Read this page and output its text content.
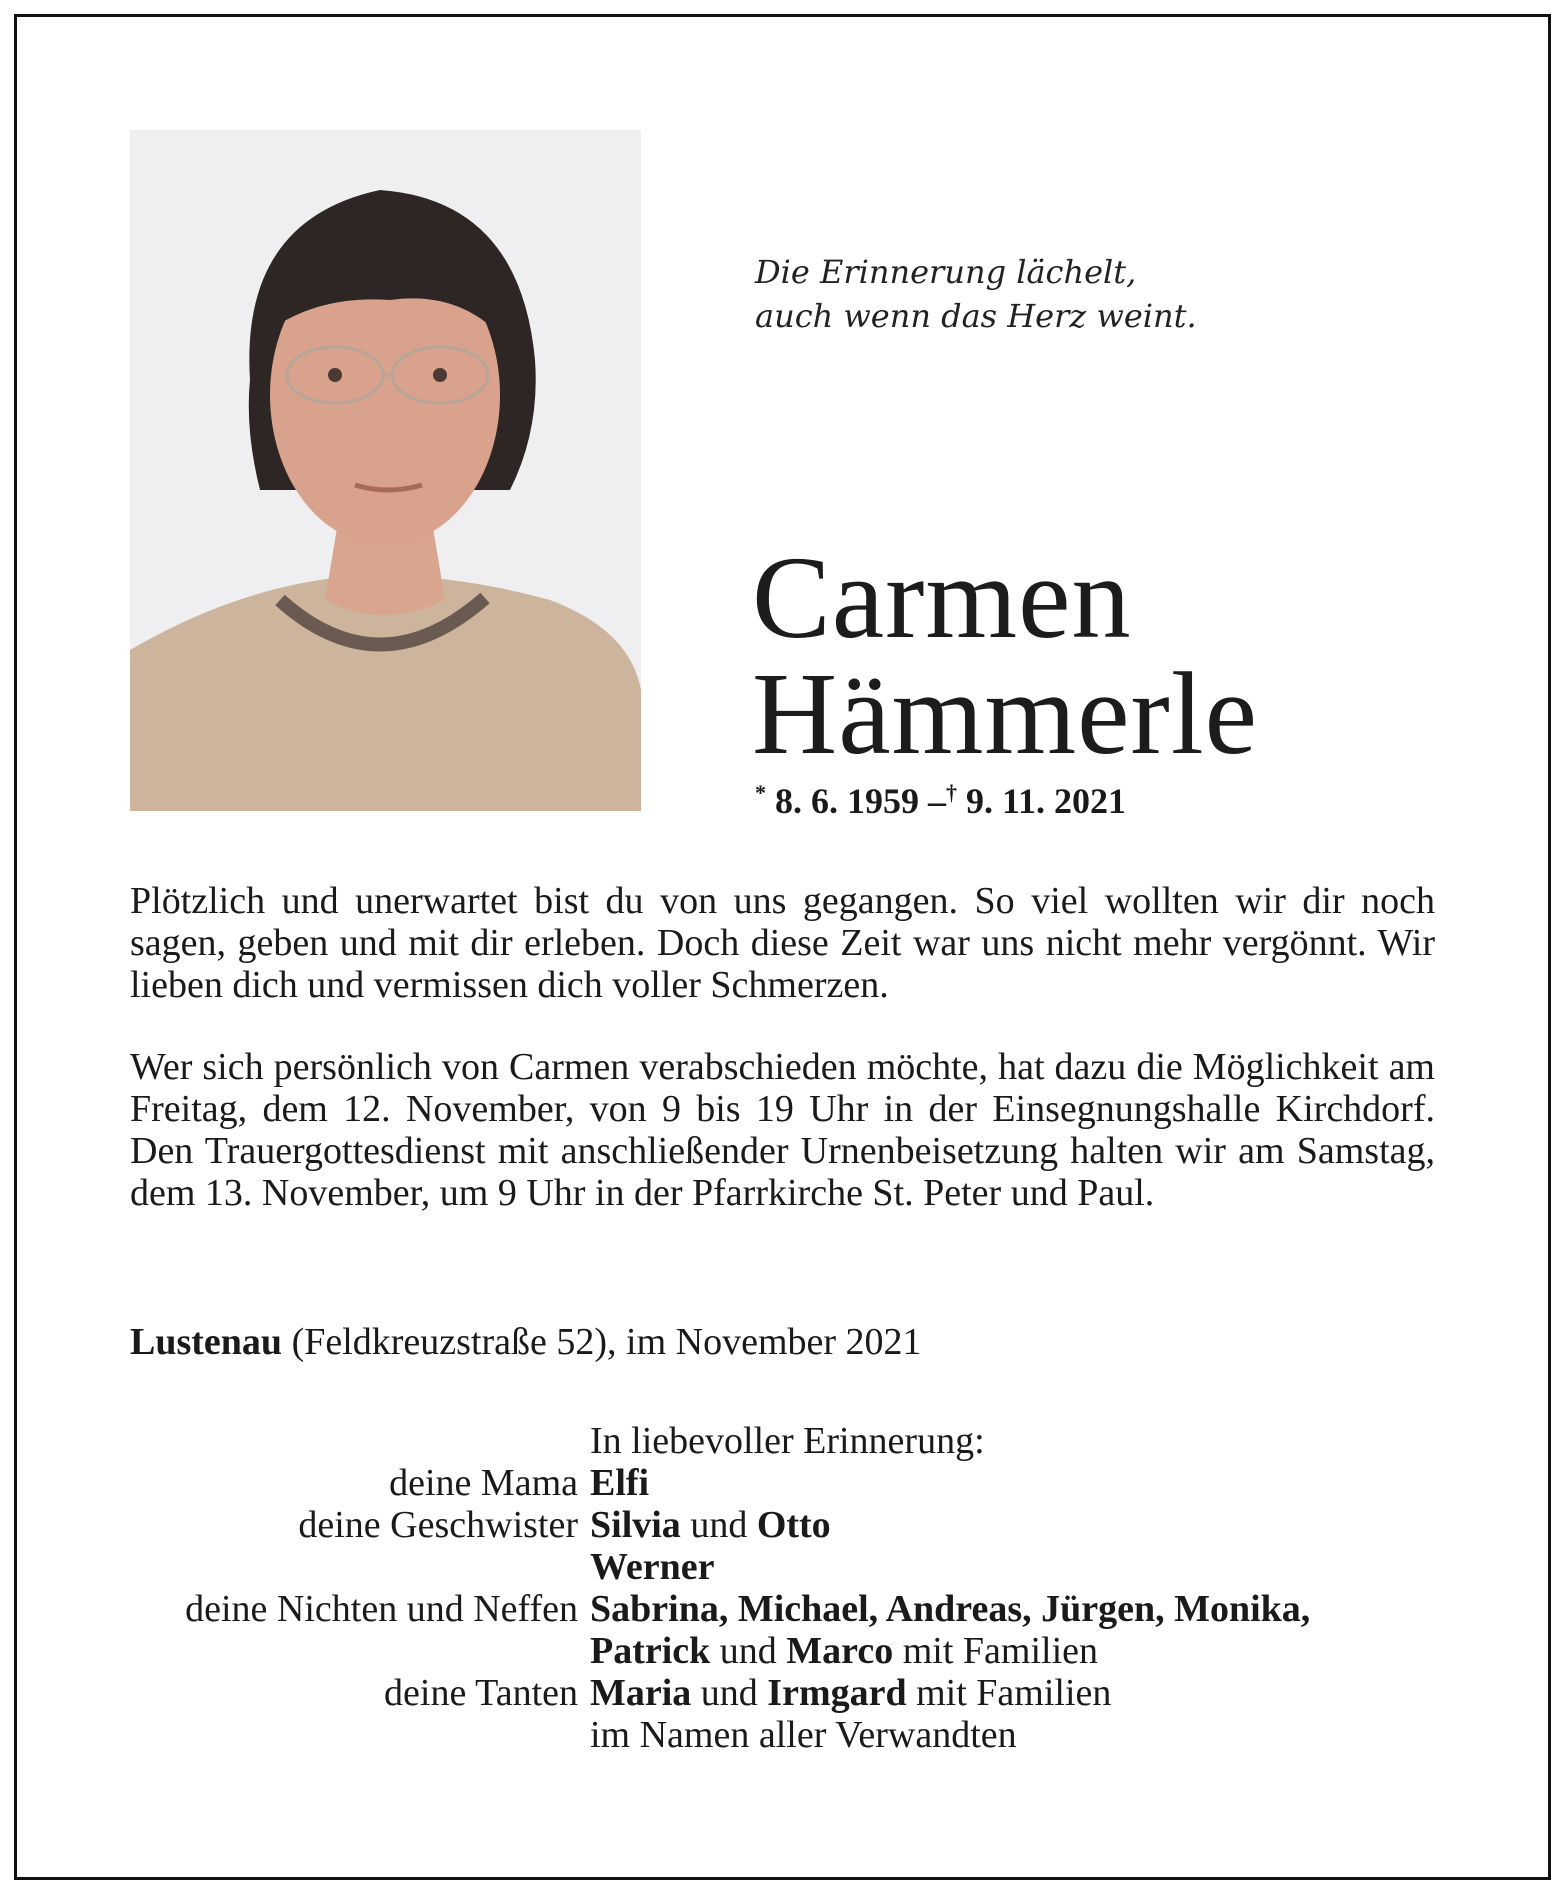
Die Erinnerung lächelt,
auch wenn das Herz weint.
Carmen
Hämmerle
* 8. 6. 1959 –† 9. 11. 2021
Plötzlich und unerwartet bist du von uns gegangen. So viel wollten wir dir noch sagen, geben und mit dir erleben. Doch diese Zeit war uns nicht mehr vergönnt. Wir lieben dich und vermissen dich voller Schmerzen.
Wer sich persönlich von Carmen verabschieden möchte, hat dazu die Möglichkeit am Freitag, dem 12. November, von 9 bis 19 Uhr in der Einsegnungshalle Kirchdorf. Den Trauergottesdienst mit anschließender Urnenbeisetzung halten wir am Samstag, dem 13. November, um 9 Uhr in der Pfarrkirche St. Peter und Paul.
Lustenau (Feldkreuzstraße 52), im November 2021
In liebevoller Erinnerung:
deine Mama Elfi
deine Geschwister Silvia und Otto
Werner
deine Nichten und Neffen Sabrina, Michael, Andreas, Jürgen, Monika,
Patrick und Marco mit Familien
deine Tanten Maria und Irmgard mit Familien
im Namen aller Verwandten
